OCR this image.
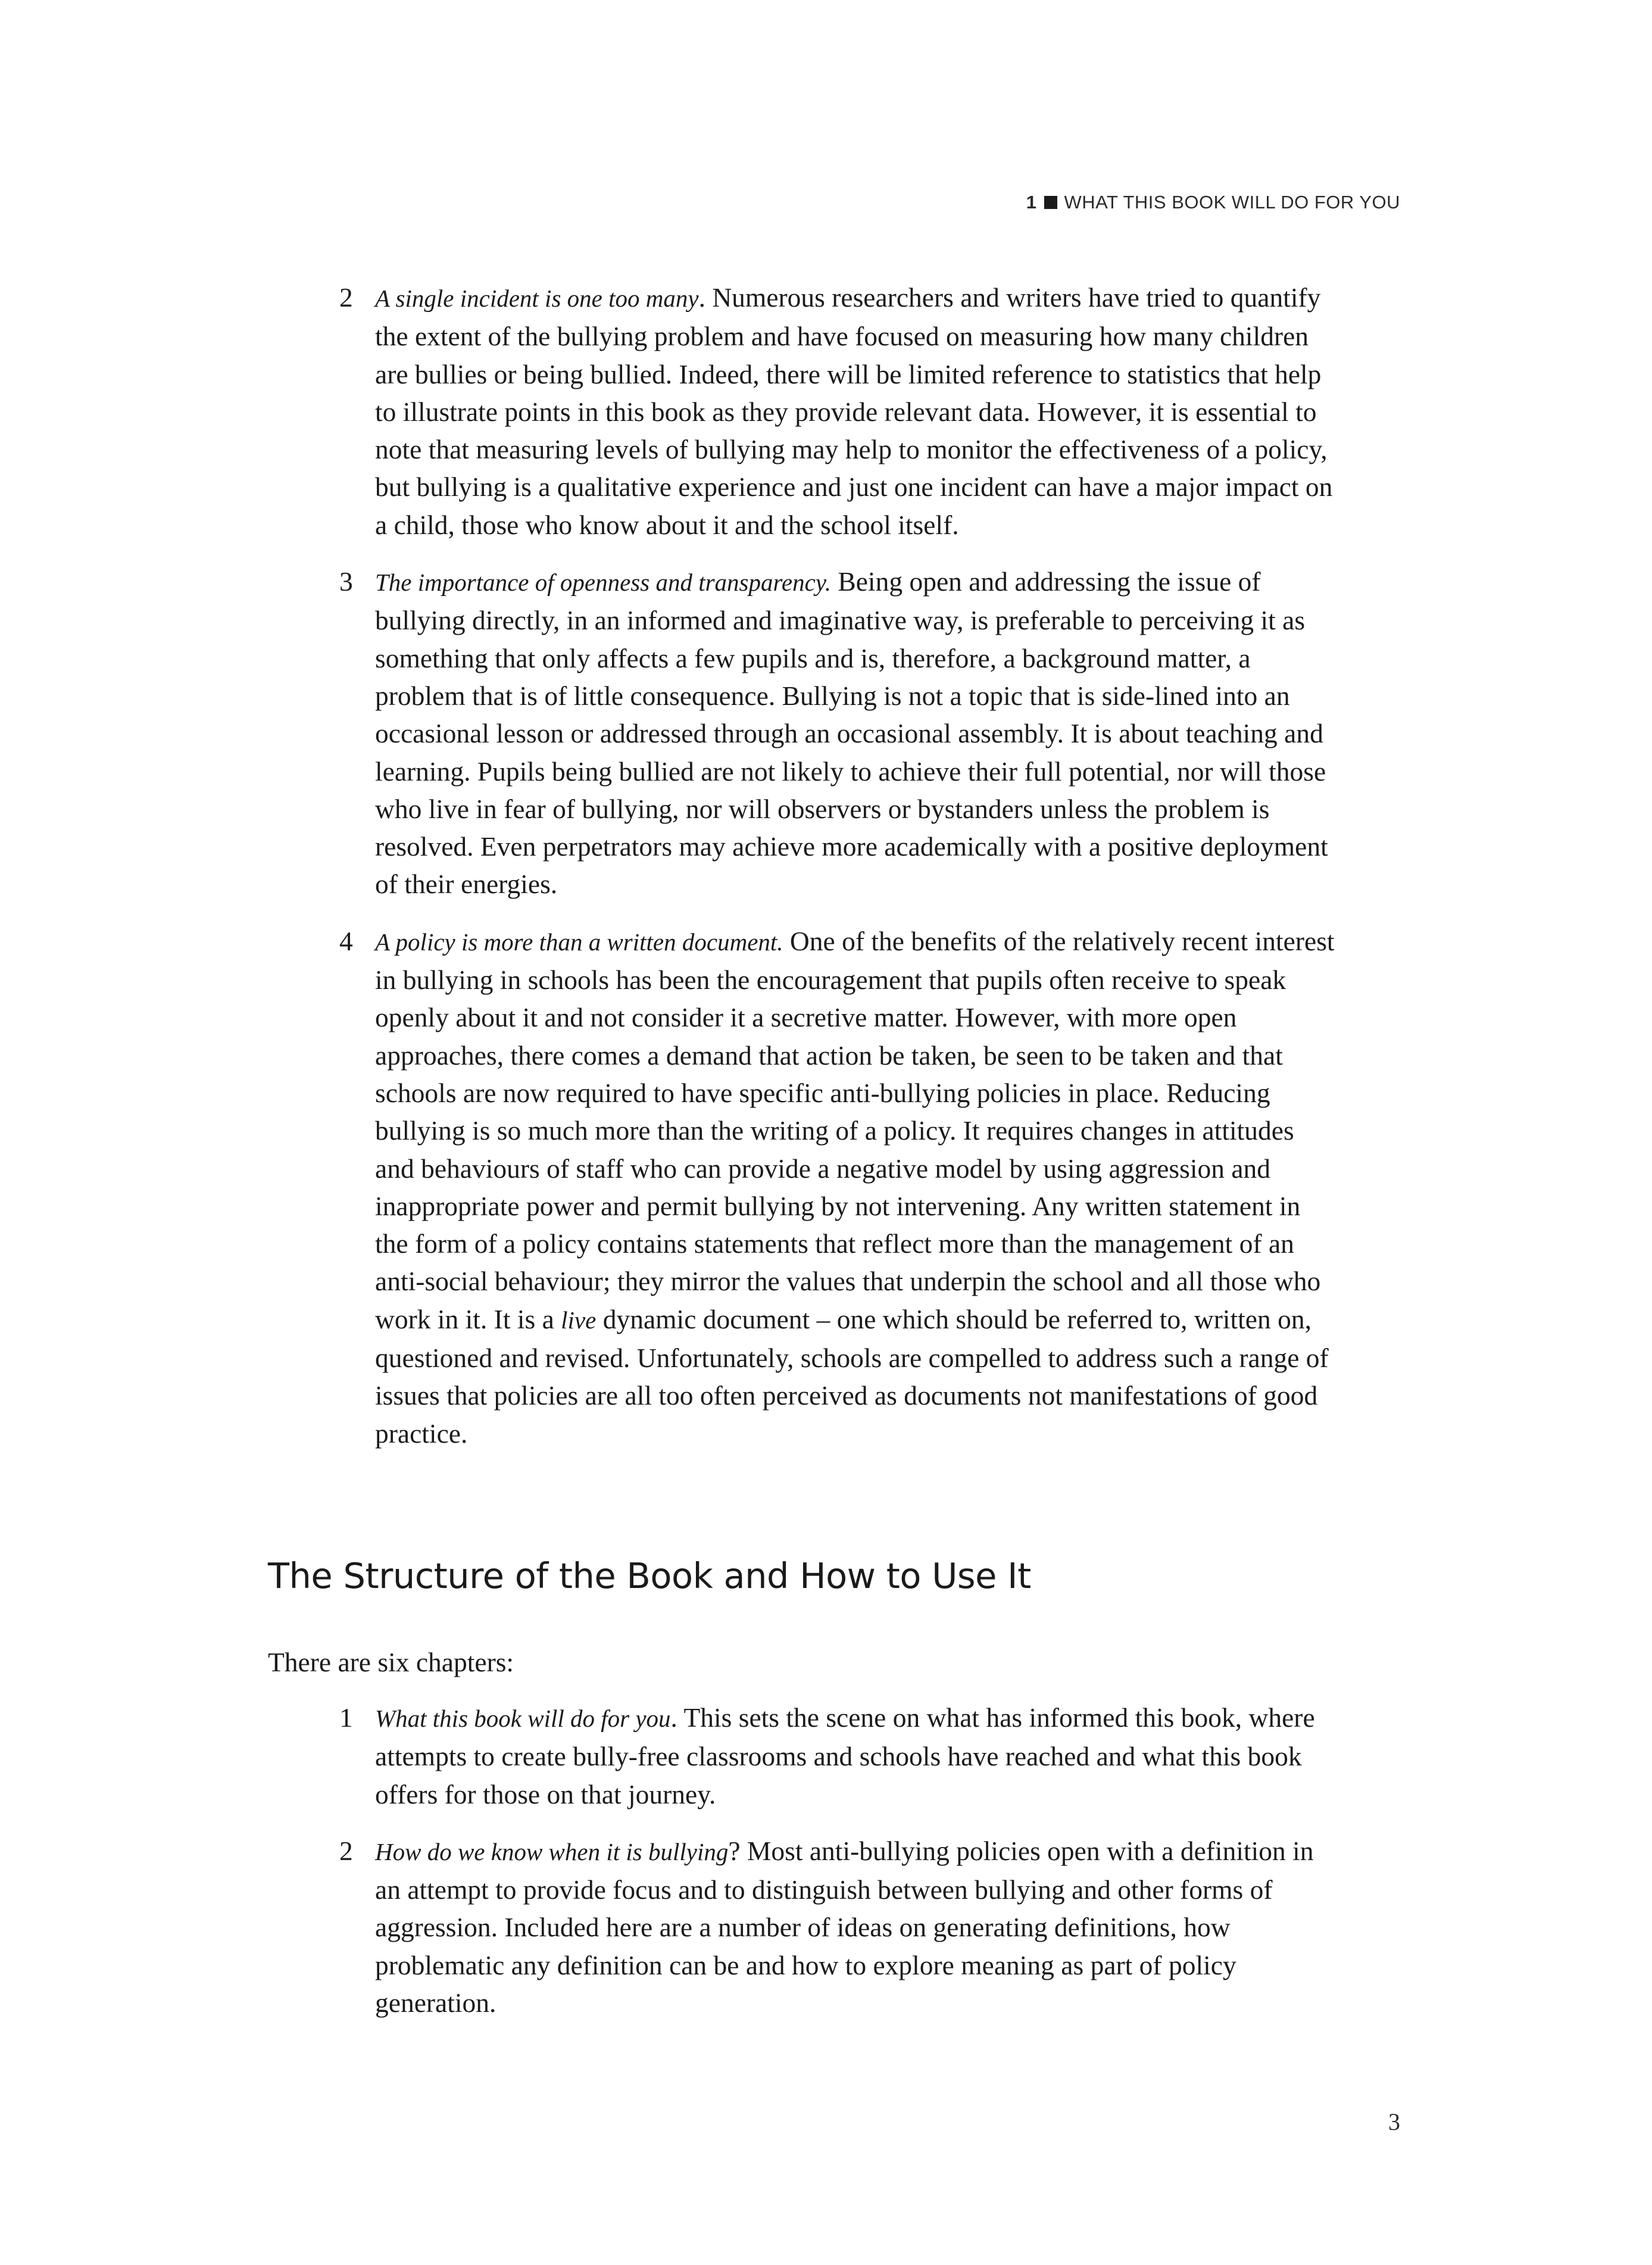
1 WHAT THIS BOOK WILL DO FOR YOU
2 A single incident is one too many. Numerous researchers and writers have tried to quantify the extent of the bullying problem and have focused on measuring how many children are bullies or being bullied. Indeed, there will be limited reference to statistics that help to illustrate points in this book as they provide relevant data. However, it is essential to note that measuring levels of bullying may help to monitor the effectiveness of a policy, but bullying is a qualitative experience and just one incident can have a major impact on a child, those who know about it and the school itself.
3 The importance of openness and transparency. Being open and addressing the issue of bullying directly, in an informed and imaginative way, is preferable to perceiving it as something that only affects a few pupils and is, therefore, a background matter, a problem that is of little consequence. Bullying is not a topic that is side-lined into an occasional lesson or addressed through an occasional assembly. It is about teaching and learning. Pupils being bullied are not likely to achieve their full potential, nor will those who live in fear of bullying, nor will observers or bystanders unless the problem is resolved. Even perpetrators may achieve more academically with a positive deployment of their energies.
4 A policy is more than a written document. One of the benefits of the relatively recent interest in bullying in schools has been the encouragement that pupils often receive to speak openly about it and not consider it a secretive matter. However, with more open approaches, there comes a demand that action be taken, be seen to be taken and that schools are now required to have specific anti-bullying policies in place. Reducing bullying is so much more than the writing of a policy. It requires changes in attitudes and behaviours of staff who can provide a negative model by using aggression and inappropriate power and permit bullying by not intervening. Any written statement in the form of a policy contains statements that reflect more than the management of an anti-social behaviour; they mirror the values that underpin the school and all those who work in it. It is a live dynamic document – one which should be referred to, written on, questioned and revised. Unfortunately, schools are compelled to address such a range of issues that policies are all too often perceived as documents not manifestations of good practice.
The Structure of the Book and How to Use It

There are six chapters:

1 What this book will do for you. This sets the scene on what has informed this book, where attempts to create bully-free classrooms and schools have reached and what this book offers for those on that journey.
2 How do we know when it is bullying? Most anti-bullying policies open with a definition in an attempt to provide focus and to distinguish between bullying and other forms of aggression. Included here are a number of ideas on generating definitions, how problematic any definition can be and how to explore meaning as part of policy generation.
3
